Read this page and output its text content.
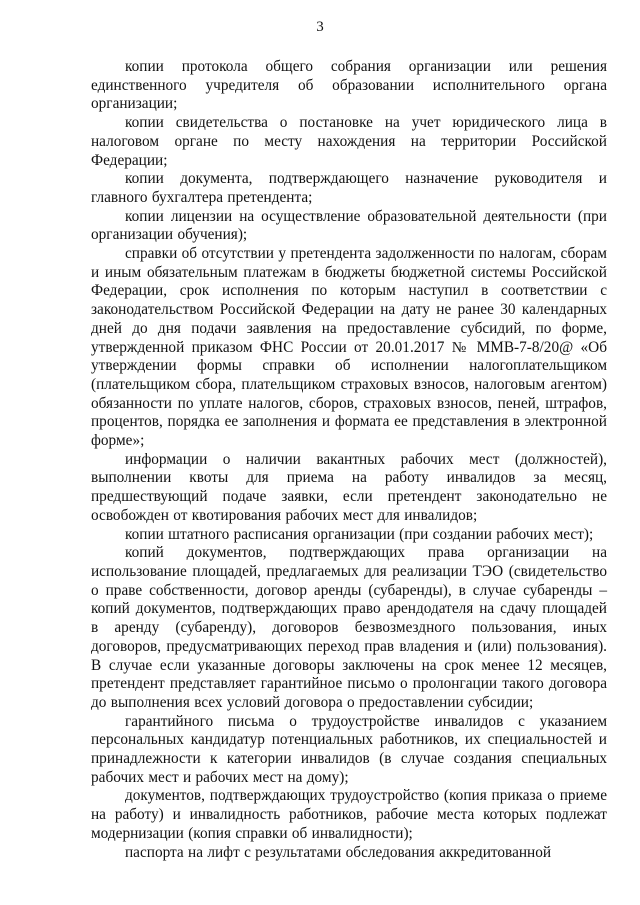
3

копии протокола общего собрания организации или решения единственного учредителя об образовании исполнительного органа организации;

копии свидетельства о постановке на учет юридического лица в налоговом органе по месту нахождения на территории Российской Федерации;

копии документа, подтверждающего назначение руководителя и главного бухгалтера претендента;

копии лицензии на осуществление образовательной деятельности (при организации обучения);

справки об отсутствии у претендента задолженности по налогам, сборам и иным обязательным платежам в бюджеты бюджетной системы Российской Федерации, срок исполнения по которым наступил в соответствии с законодательством Российской Федерации на дату не ранее 30 календарных дней до дня подачи заявления на предоставление субсидий, по форме, утвержденной приказом ФНС России от 20.01.2017 № ММВ-7-8/20@ «Об утверждении формы справки об исполнении налогоплательщиком (плательщиком сбора, плательщиком страховых взносов, налоговым агентом) обязанности по уплате налогов, сборов, страховых взносов, пеней, штрафов, процентов, порядка ее заполнения и формата ее представления в электронной форме»;

информации о наличии вакантных рабочих мест (должностей), выполнении квоты для приема на работу инвалидов за месяц, предшествующий подаче заявки, если претендент законодательно не освобожден от квотирования рабочих мест для инвалидов;

копии штатного расписания организации (при создании рабочих мест);

копий документов, подтверждающих права организации на использование площадей, предлагаемых для реализации ТЭО (свидетельство о праве собственности, договор аренды (субаренды), в случае субаренды – копий документов, подтверждающих право арендодателя на сдачу площадей в аренду (субаренду), договоров безвозмездного пользования, иных договоров, предусматривающих переход прав владения и (или) пользования). В случае если указанные договоры заключены на срок менее 12 месяцев, претендент представляет гарантийное письмо о пролонгации такого договора до выполнения всех условий договора о предоставлении субсидии;

гарантийного письма о трудоустройстве инвалидов с указанием персональных кандидатур потенциальных работников, их специальностей и принадлежности к категории инвалидов (в случае создания специальных рабочих мест и рабочих мест на дому);

документов, подтверждающих трудоустройство (копия приказа о приеме на работу) и инвалидность работников, рабочие места которых подлежат модернизации (копия справки об инвалидности);

паспорта на лифт с результатами обследования аккредитованной
